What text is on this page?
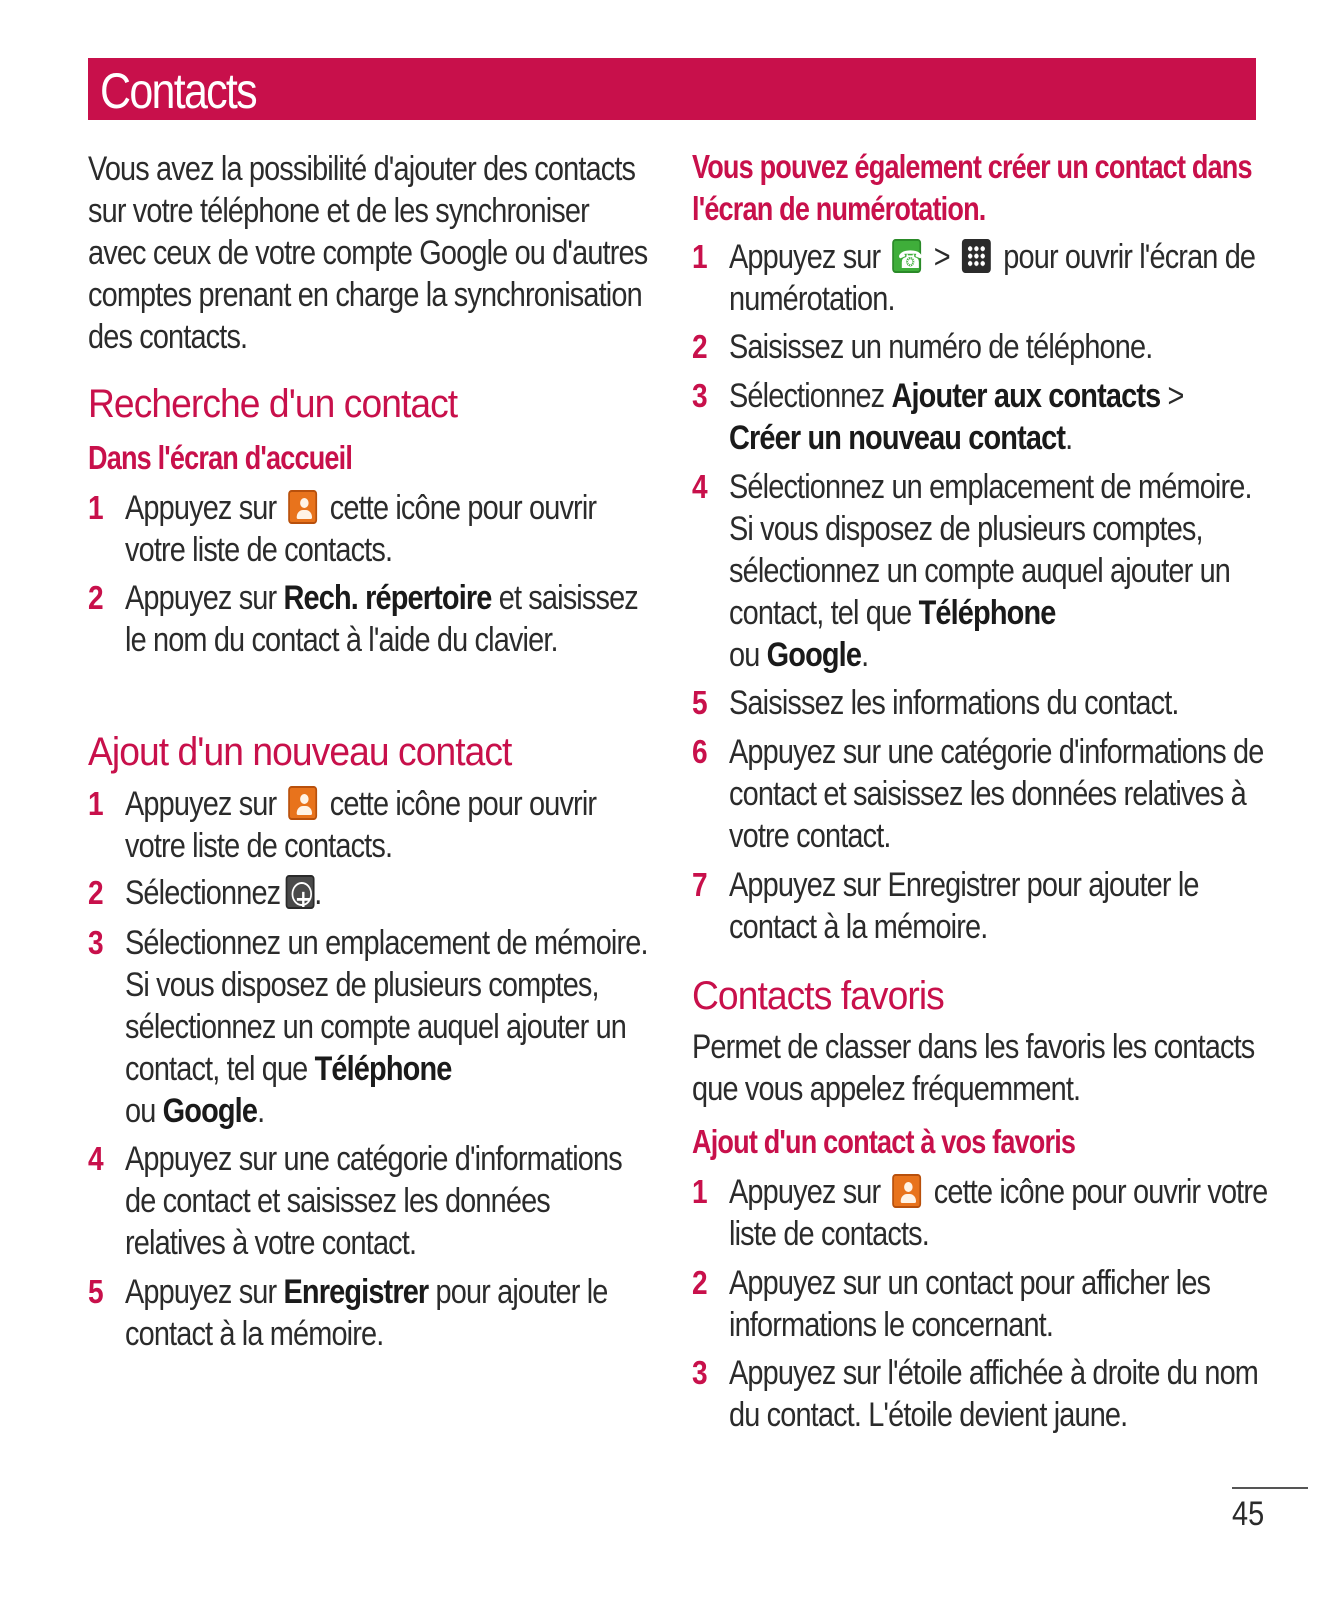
Contacts
Vous avez la possibilité d'ajouter des contacts sur votre téléphone et de les synchroniser avec ceux de votre compte Google ou d'autres comptes prenant en charge la synchronisation des contacts.
Recherche d'un contact
Dans l'écran d'accueil
1 Appuyez sur cette icône pour ouvrir votre liste de contacts.
2 Appuyez sur Rech. répertoire et saisissez le nom du contact à l'aide du clavier.
Ajout d'un nouveau contact
1 Appuyez sur cette icône pour ouvrir votre liste de contacts.
2 Sélectionnez + .
3 Sélectionnez un emplacement de mémoire. Si vous disposez de plusieurs comptes, sélectionnez un compte auquel ajouter un contact, tel que Téléphone
ou Google.
4 Appuyez sur une catégorie d'informations de contact et saisissez les données relatives à votre contact.
5 Appuyez sur Enregistrer pour ajouter le contact à la mémoire.
Vous pouvez également créer un contact dans l'écran de numérotation.
1 Appuyez sur ☎ > pour ouvrir l'écran de numérotation.
2 Saisissez un numéro de téléphone.
3 Sélectionnez Ajouter aux contacts >
Créer un nouveau contact.
4 Sélectionnez un emplacement de mémoire. Si vous disposez de plusieurs comptes, sélectionnez un compte auquel ajouter un contact, tel que Téléphone
ou Google.
5 Saisissez les informations du contact.
6 Appuyez sur une catégorie d'informations de contact et saisissez les données relatives à votre contact.
7 Appuyez sur Enregistrer pour ajouter le contact à la mémoire.
Contacts favoris
Permet de classer dans les favoris les contacts que vous appelez fréquemment.
Ajout d'un contact à vos favoris
1 Appuyez sur cette icône pour ouvrir votre liste de contacts.
2 Appuyez sur un contact pour afficher les informations le concernant.
3 Appuyez sur l'étoile affichée à droite du nom du contact. L'étoile devient jaune.
45
